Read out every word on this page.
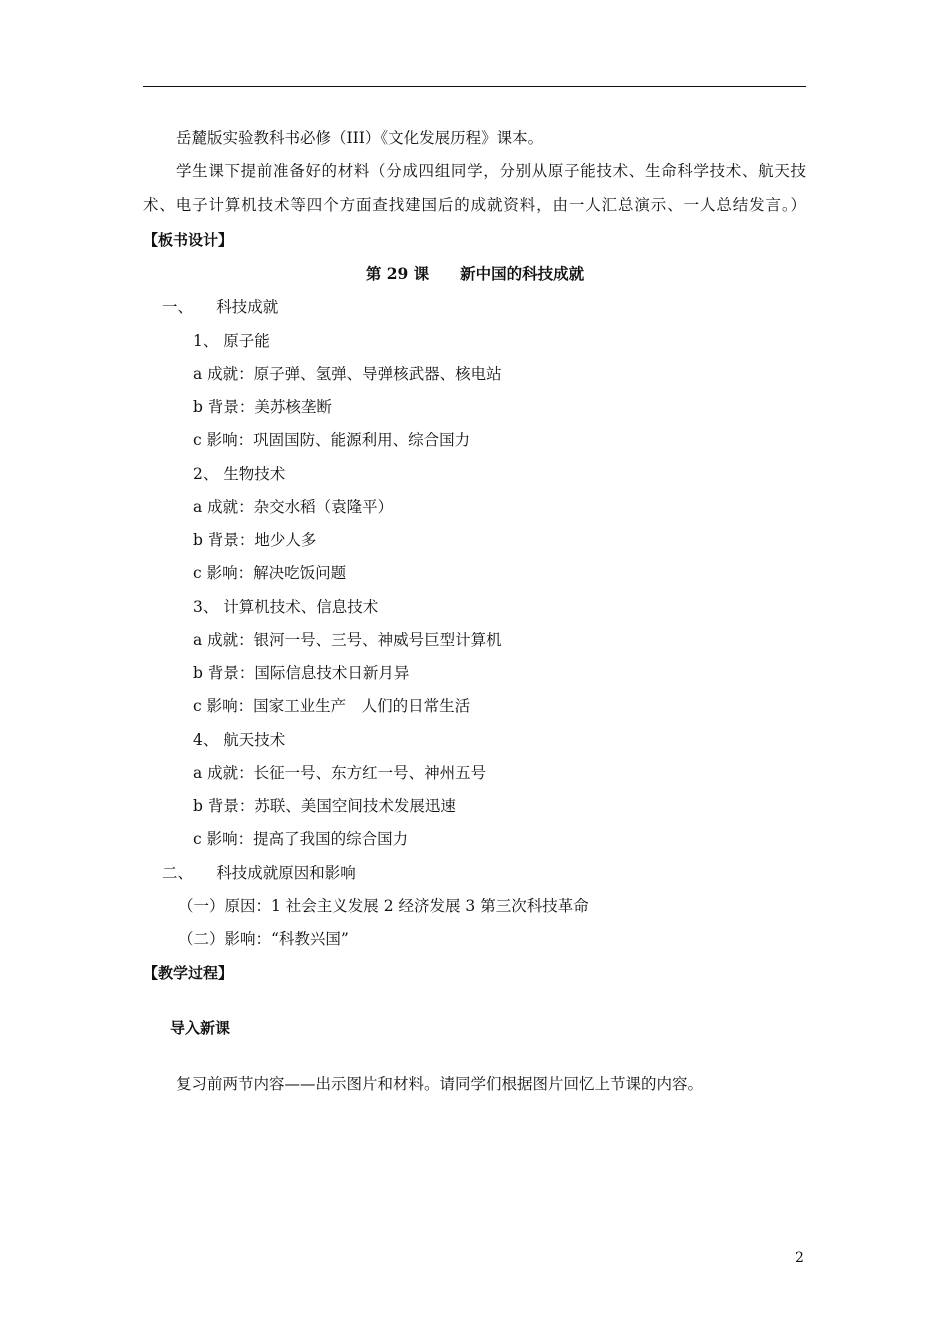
岳麓版实验教科书必修（III）《文化发展历程》课本。
学生课下提前准备好的材料（分成四组同学，分别从原子能技术、生命科学技术、航天技
术、电子计算机技术等四个方面查找建国后的成就资料，由一人汇总演示、一人总结发言。）
【板书设计】
第 29 课　　新中国的科技成就
一、　　科技成就
1、 原子能
a 成就：原子弹、氢弹、导弹核武器、核电站
b 背景：美苏核垄断
c 影响：巩固国防、能源利用、综合国力
2、 生物技术
a 成就：杂交水稻（袁隆平）
b 背景：地少人多
c 影响：解决吃饭问题
3、 计算机技术、信息技术
a 成就：银河一号、三号、神威号巨型计算机
b 背景：国际信息技术日新月异
c 影响：国家工业生产　人们的日常生活
4、 航天技术
a 成就：长征一号、东方红一号、神州五号
b 背景：苏联、美国空间技术发展迅速
c 影响：提高了我国的综合国力
二、　　科技成就原因和影响
（一）原因：1 社会主义发展 2 经济发展 3 第三次科技革命
（二）影响：“科教兴国”
【教学过程】
导入新课
复习前两节内容——出示图片和材料。请同学们根据图片回忆上节课的内容。
2
